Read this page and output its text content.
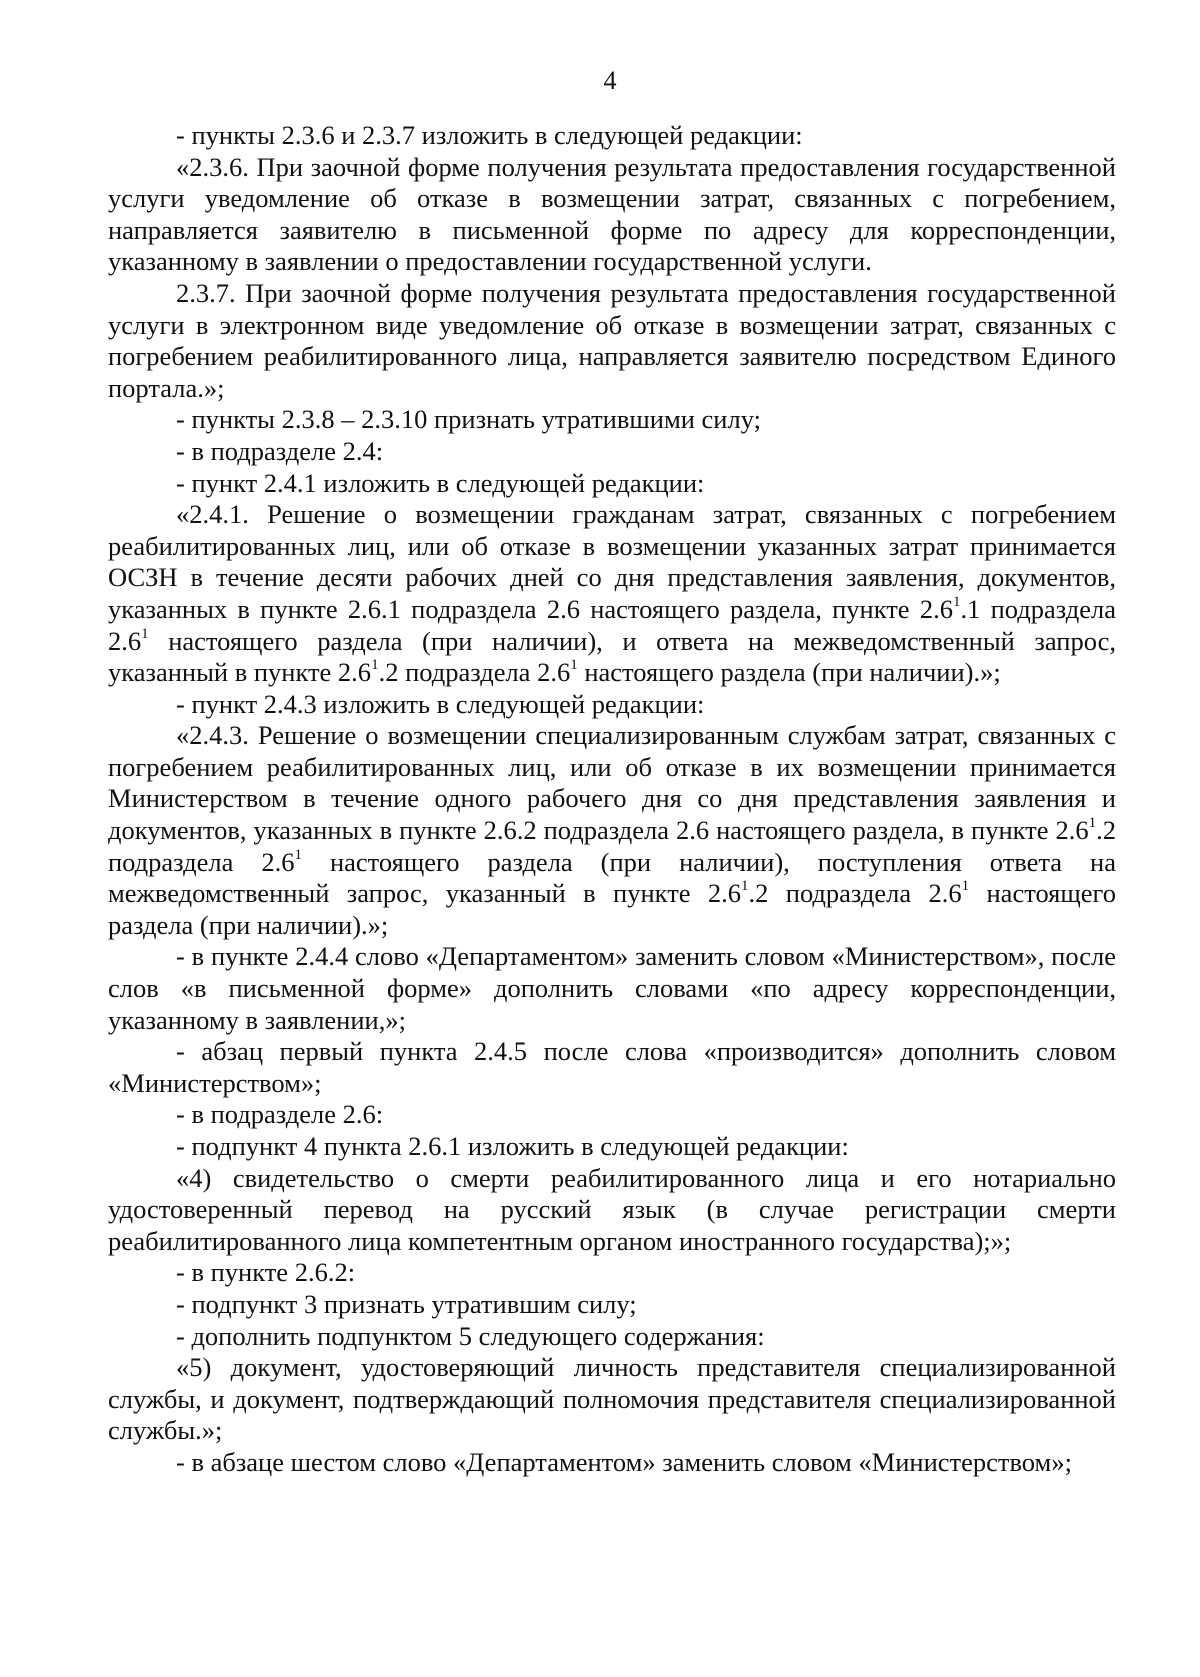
4

- пункты 2.3.6 и 2.3.7 изложить в следующей редакции:

«2.3.6. При заочной форме получения результата предоставления государственной услуги уведомление об отказе в возмещении затрат, связанных с погребением, направляется заявителю в письменной форме по адресу для корреспонденции, указанному в заявлении о предоставлении государственной услуги.

2.3.7. При заочной форме получения результата предоставления государственной услуги в электронном виде уведомление об отказе в возмещении затрат, связанных с погребением реабилитированного лица, направляется заявителю посредством Единого портала.»;

- пункты 2.3.8 – 2.3.10 признать утратившими силу;

- в подразделе 2.4:

- пункт 2.4.1 изложить в следующей редакции:

«2.4.1. Решение о возмещении гражданам затрат, связанных с погребением реабилитированных лиц, или об отказе в возмещении указанных затрат принимается ОСЗН в течение десяти рабочих дней со дня представления заявления, документов, указанных в пункте 2.6.1 подраздела 2.6 настоящего раздела, пункте $2.6^1.1$ подраздела $2.6^1$ настоящего раздела (при наличии), и ответа на межведомственный запрос, указанный в пункте $2.6^1.2$ подраздела $2.6^1$ настоящего раздела (при наличии).»;

- пункт 2.4.3 изложить в следующей редакции:

«2.4.3. Решение о возмещении специализированным службам затрат, связанных с погребением реабилитированных лиц, или об отказе в их возмещении принимается Министерством в течение одного рабочего дня со дня представления заявления и документов, указанных в пункте 2.6.2 подраздела 2.6 настоящего раздела, в пункте $2.6^1.2$ подраздела $2.6^1$ настоящего раздела (при наличии), поступления ответа на межведомственный запрос, указанный в пункте $2.6^1.2$ подраздела $2.6^1$ настоящего раздела (при наличии).»;

- в пункте 2.4.4 слово «Департаментом» заменить словом «Министерством», после слов «в письменной форме» дополнить словами «по адресу корреспонденции, указанному в заявлении,»;

- абзац первый пункта 2.4.5 после слова «производится» дополнить словом «Министерством»;

- в подразделе 2.6:

- подпункт 4 пункта 2.6.1 изложить в следующей редакции:

«4) свидетельство о смерти реабилитированного лица и его нотариально удостоверенный перевод на русский язык (в случае регистрации смерти реабилитированного лица компетентным органом иностранного государства);»;

- в пункте 2.6.2:

- подпункт 3 признать утратившим силу;

- дополнить подпунктом 5 следующего содержания:

«5) документ, удостоверяющий личность представителя специализированной службы, и документ, подтверждающий полномочия представителя специализированной службы.»;

- в абзаце шестом слово «Департаментом» заменить словом «Министерством»;
